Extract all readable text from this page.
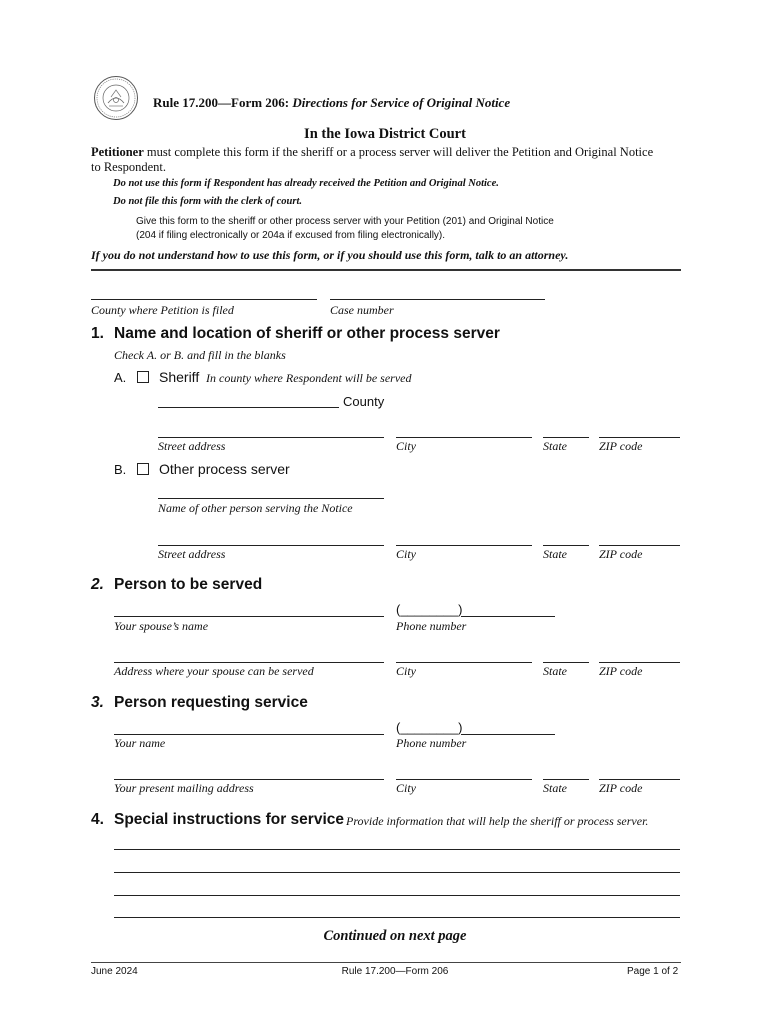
Rule 17.200—Form 206: Directions for Service of Original Notice
In the Iowa District Court
Petitioner must complete this form if the sheriff or a process server will deliver the Petition and Original Notice
to Respondent.
Do not use this form if Respondent has already received the Petition and Original Notice.
Do not file this form with the clerk of court.
Give this form to the sheriff or other process server with your Petition (201) and Original Notice
(204 if filing electronically or 204a if excused from filing electronically).
If you do not understand how to use this form, or if you should use this form, talk to an attorney.
County where Petition is filed	Case number
1. Name and location of sheriff or other process server
Check A. or B. and fill in the blanks
A. Sheriff In county where Respondent will be served
County
Street address	City	State	ZIP code
B. Other process server
Name of other person serving the Notice
Street address	City	State	ZIP code
2. Person to be served
(________)
Your spouse’s name	Phone number
Address where your spouse can be served	City	State	ZIP code
3. Person requesting service
(________)
Your name	Phone number
Your present mailing address	City	State	ZIP code
4. Special instructions for service Provide information that will help the sheriff or process server.
Continued on next page
June 2024	Rule 17.200—Form 206	Page 1 of 2
